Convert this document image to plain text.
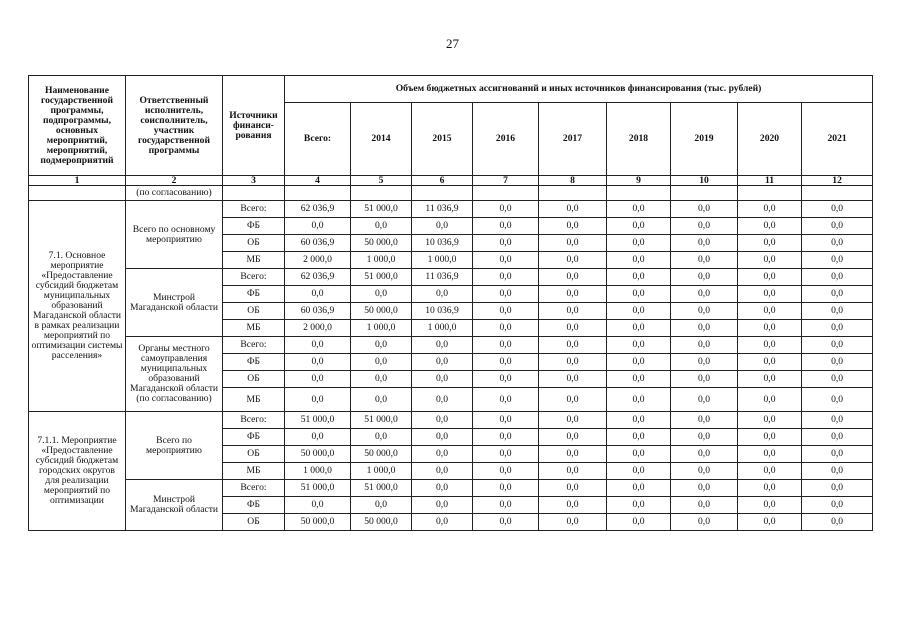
27
Наименование государственной программы, подпрограммы, основных мероприятий, мероприятий, подмероприятий	Ответственный исполнитель, соисполнитель, участник государственной программы	Источники финанси-рования	Объем бюджетных ассигнований и иных источников финансирования (тыс. рублей)								
			Всего:	2014	2015	2016	2017	2018	2019	2020	2021
1	2	3	4	5	6	7	8	9	10	11	12
	(по согласованию)										
7.1. Основное мероприятие «Предоставление субсидий бюджетам муниципальных образований Магаданской области в рамках реализации мероприятий по оптимизации системы расселения»	Всего по основному мероприятию	Всего:	62 036,9	51 000,0	11 036,9	0,0	0,0	0,0	0,0	0,0	0,0
		ФБ	0,0	0,0	0,0	0,0	0,0	0,0	0,0	0,0	0,0
		ОБ	60 036,9	50 000,0	10 036,9	0,0	0,0	0,0	0,0	0,0	0,0
		МБ	2 000,0	1 000,0	1 000,0	0,0	0,0	0,0	0,0	0,0	0,0
	Минстрой Магаданской области	Всего:	62 036,9	51 000,0	11 036,9	0,0	0,0	0,0	0,0	0,0	0,0
		ФБ	0,0	0,0	0,0	0,0	0,0	0,0	0,0	0,0	0,0
		ОБ	60 036,9	50 000,0	10 036,9	0,0	0,0	0,0	0,0	0,0	0,0
		МБ	2 000,0	1 000,0	1 000,0	0,0	0,0	0,0	0,0	0,0	0,0
	Органы местного самоуправления муниципальных образований Магаданской области (по согласованию)	Всего:	0,0	0,0	0,0	0,0	0,0	0,0	0,0	0,0	0,0
		ФБ	0,0	0,0	0,0	0,0	0,0	0,0	0,0	0,0	0,0
		ОБ	0,0	0,0	0,0	0,0	0,0	0,0	0,0	0,0	0,0
		МБ	0,0	0,0	0,0	0,0	0,0	0,0	0,0	0,0	0,0
7.1.1. Мероприятие «Предоставление субсидий бюджетам городских округов для реализации мероприятий по оптимизации	Всего по мероприятию	Всего:	51 000,0	51 000,0	0,0	0,0	0,0	0,0	0,0	0,0	0,0
		ФБ	0,0	0,0	0,0	0,0	0,0	0,0	0,0	0,0	0,0
		ОБ	50 000,0	50 000,0	0,0	0,0	0,0	0,0	0,0	0,0	0,0
		МБ	1 000,0	1 000,0	0,0	0,0	0,0	0,0	0,0	0,0	0,0
	Минстрой Магаданской области	Всего:	51 000,0	51 000,0	0,0	0,0	0,0	0,0	0,0	0,0	0,0
		ФБ	0,0	0,0	0,0	0,0	0,0	0,0	0,0	0,0	0,0
		ОБ	50 000,0	50 000,0	0,0	0,0	0,0	0,0	0,0	0,0	0,0
